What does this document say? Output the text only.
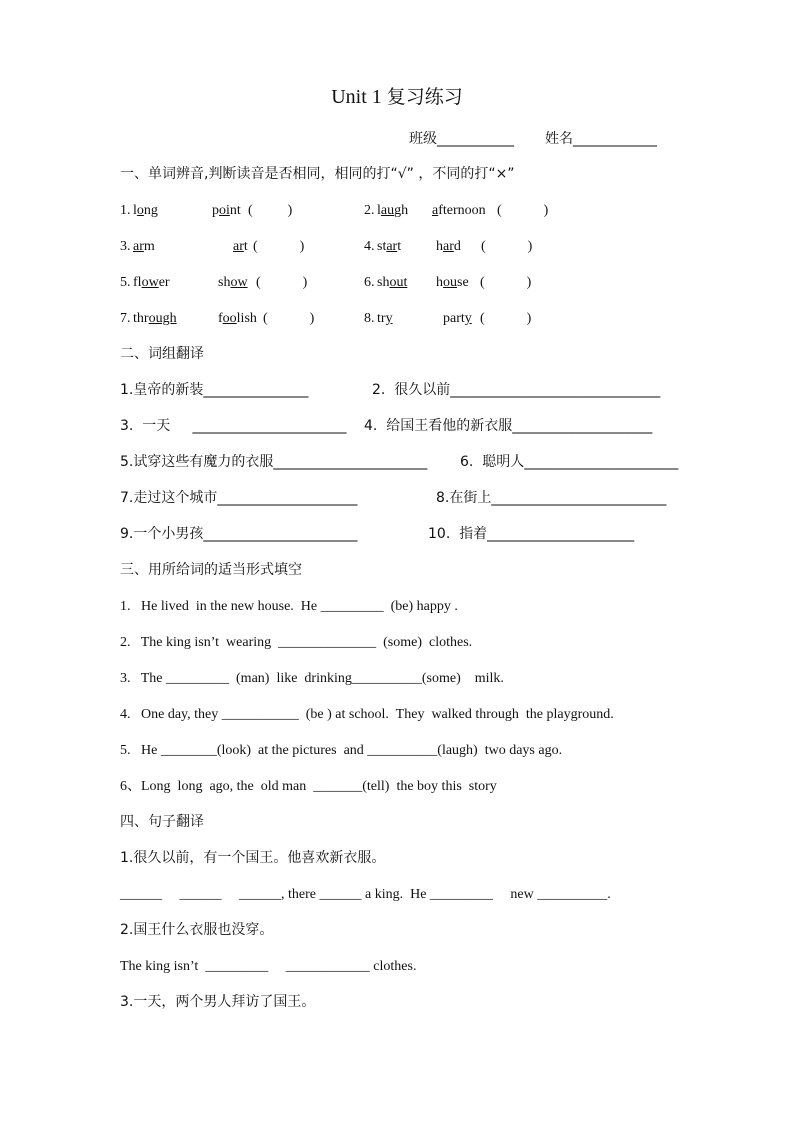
Unit 1 复习练习
班级___________ 姓名____________
一、单词辨音,判断读音是否相同，相同的打“√” ，不同的打“×”
1. long	point (          )	2. laugh afternoon (            )
3. arm	art (            )	4. start hard (            )
5. flower	show (            )	6. shout house (            )
7. through	foolish (            )	8. try	party (            )
二、词组翻译
1.皇帝的新装_______________	2.  很久以前______________________________
3.  一天     ______________________ 4.  给国王看他的新衣服____________________
5.试穿这些有魔力的衣服______________________ 6.  聪明人______________________
7.走过这个城市____________________	8.在街上_________________________
9.一个小男孩______________________	10.  指着_____________________
三、用所给词的适当形式填空
1.   He lived  in the new house.  He _________  (be) happy .
2.   The king isn’t  wearing  ______________  (some)  clothes.
3.   The _________  (man)  like  drinking__________(some)    milk.
4.   One day, they ___________  (be ) at school.  They  walked through  the playground.
5.   He ________(look)  at the pictures  and __________(laugh)  two days ago.
6、Long  long  ago, the  old man  _______(tell)  the boy this  story
四、句子翻译
1.很久以前，有一个国王。他喜欢新衣服。
______     ______     ______, there ______ a king.  He _________     new __________.
2.国王什么衣服也没穿。
The king isn’t  _________     ____________ clothes.
3.一天，两个男人拜访了国王。
